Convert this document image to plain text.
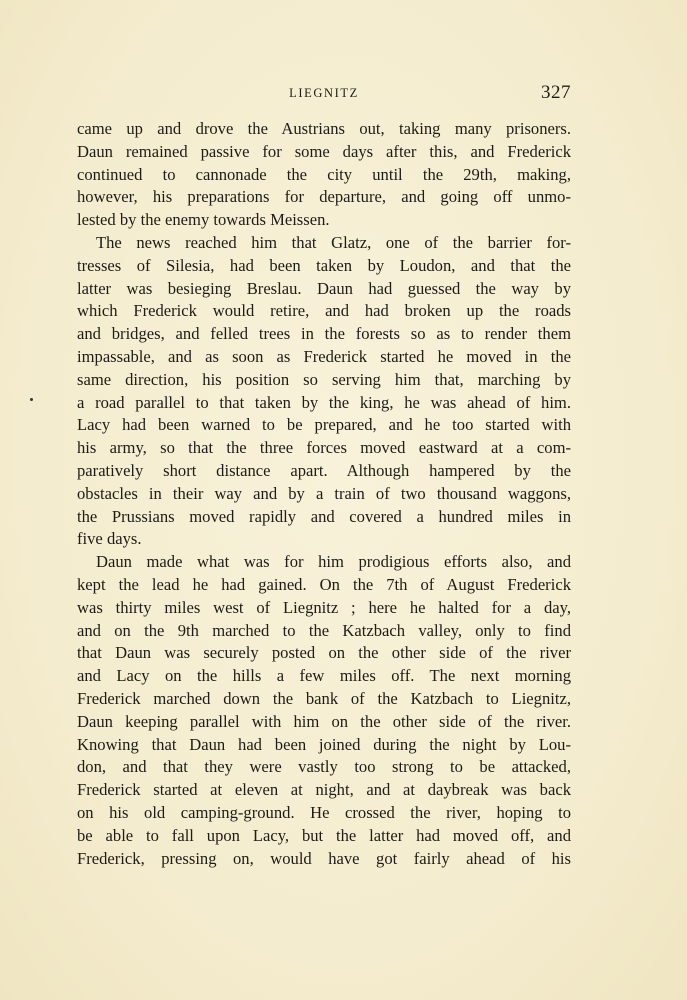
LIEGNITZ	327
came up and drove the Austrians out, taking many prisoners.
Daun remained passive for some days after this, and Frederick
continued to cannonade the city until the 29th, making,
however, his preparations for departure, and going off unmo-
lested by the enemy towards Meissen.
The news reached him that Glatz, one of the barrier for-
tresses of Silesia, had been taken by Loudon, and that the
latter was besieging Breslau. Daun had guessed the way by
which Frederick would retire, and had broken up the roads
and bridges, and felled trees in the forests so as to render them
impassable, and as soon as Frederick started he moved in the
same direction, his position so serving him that, marching by
a road parallel to that taken by the king, he was ahead of him.
Lacy had been warned to be prepared, and he too started with
his army, so that the three forces moved eastward at a com-
paratively short distance apart. Although hampered by the
obstacles in their way and by a train of two thousand waggons,
the Prussians moved rapidly and covered a hundred miles in
five days.
Daun made what was for him prodigious efforts also, and
kept the lead he had gained. On the 7th of August Frederick
was thirty miles west of Liegnitz ; here he halted for a day,
and on the 9th marched to the Katzbach valley, only to find
that Daun was securely posted on the other side of the river
and Lacy on the hills a few miles off. The next morning
Frederick marched down the bank of the Katzbach to Liegnitz,
Daun keeping parallel with him on the other side of the river.
Knowing that Daun had been joined during the night by Lou-
don, and that they were vastly too strong to be attacked,
Frederick started at eleven at night, and at daybreak was back
on his old camping-ground. He crossed the river, hoping to
be able to fall upon Lacy, but the latter had moved off, and
Frederick, pressing on, would have got fairly ahead of his
